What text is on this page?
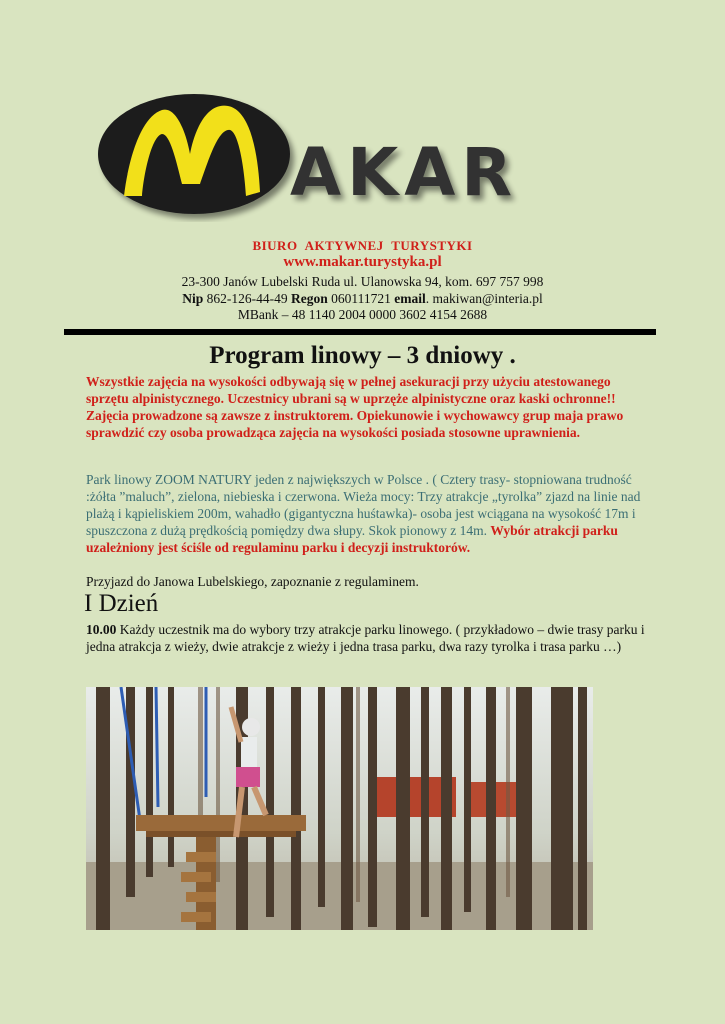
AKAR
BIURO AKTYWNEJ TURYSTYKI
www.makar.turystyka.pl
23-300 Janów Lubelski Ruda ul. Ulanowska 94, kom. 697 757 998
Nip 862-126-44-49 Regon 060111721 email. makiwan@interia.pl
MBank – 48 1140 2004 0000 3602 4154 2688
Program linowy – 3 dniowy .
Wszystkie zajęcia na wysokości odbywają się w pełnej asekuracji przy użyciu atestowanego sprzętu alpinistycznego. Uczestnicy ubrani są w uprzęże alpinistyczne oraz kaski ochronne!! Zajęcia prowadzone są zawsze z instruktorem. Opiekunowie i wychowawcy grup maja prawo sprawdzić czy osoba prowadząca zajęcia na wysokości posiada stosowne uprawnienia.
Park linowy ZOOM NATURY jeden z największych w Polsce . ( Cztery trasy- stopniowana trudność :żółta ”maluch”, zielona, niebieska i czerwona. Wieża mocy: Trzy atrakcje „tyrolka” zjazd na linie nad plażą i kąpieliskiem 200m, wahadło (gigantyczna huśtawka)- osoba jest wciągana na wysokość 17m i spuszczona z dużą prędkością pomiędzy dwa słupy. Skok pionowy z 14m. Wybór atrakcji parku uzależniony jest ściśle od regulaminu parku i decyzji instruktorów.
Przyjazd do Janowa Lubelskiego, zapoznanie z regulaminem.
I Dzień
10.00 Każdy uczestnik ma do wybory trzy atrakcje parku linowego. ( przykładowo – dwie trasy parku i jedna atrakcja z wieży, dwie atrakcje z wieży i jedna trasa parku, dwa razy tyrolka i trasa parku …)
